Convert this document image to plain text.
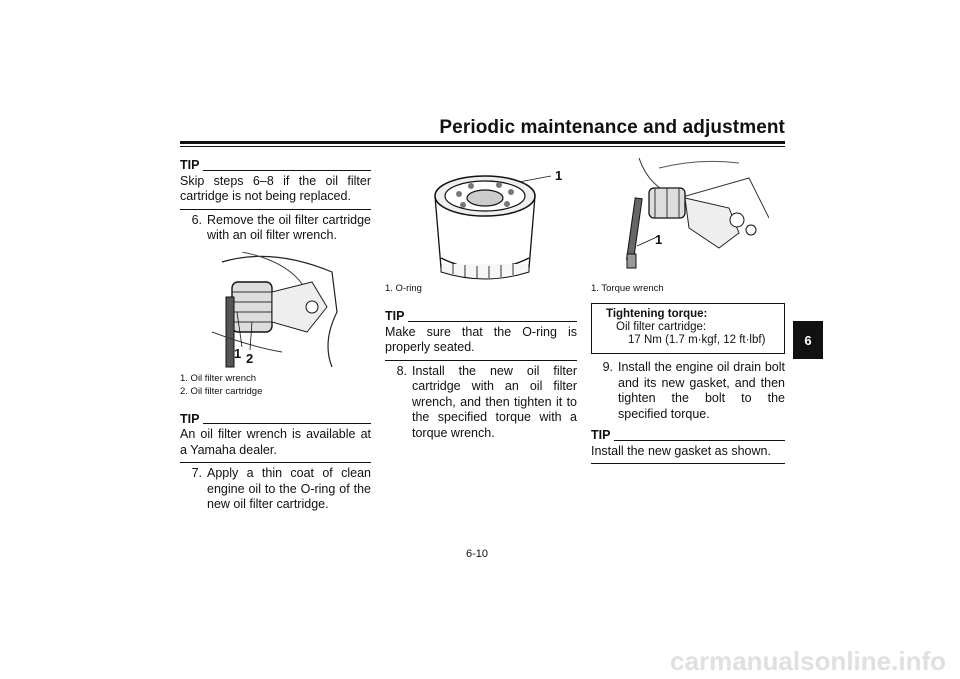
Periodic maintenance and adjustment
6
TIP
Skip steps 6–8 if the oil filter cartridge is not being replaced.
6. Remove the oil filter cartridge with an oil filter wrench.
1 2
1. Oil filter wrench
2. Oil filter cartridge
TIP
An oil filter wrench is available at a Yamaha dealer.
7. Apply a thin coat of clean engine oil to the O-ring of the new oil filter cartridge.
1
1. O-ring
TIP
Make sure that the O-ring is properly seated.
8. Install the new oil filter cartridge with an oil filter wrench, and then tighten it to the specified torque with a torque wrench.
1
1. Torque wrench
Tightening torque:
Oil filter cartridge:
17 Nm (1.7 m·kgf, 12 ft·lbf)
9. Install the engine oil drain bolt and its new gasket, and then tighten the bolt to the specified torque.
TIP
Install the new gasket as shown.
6-10
carmanualsonline.info
